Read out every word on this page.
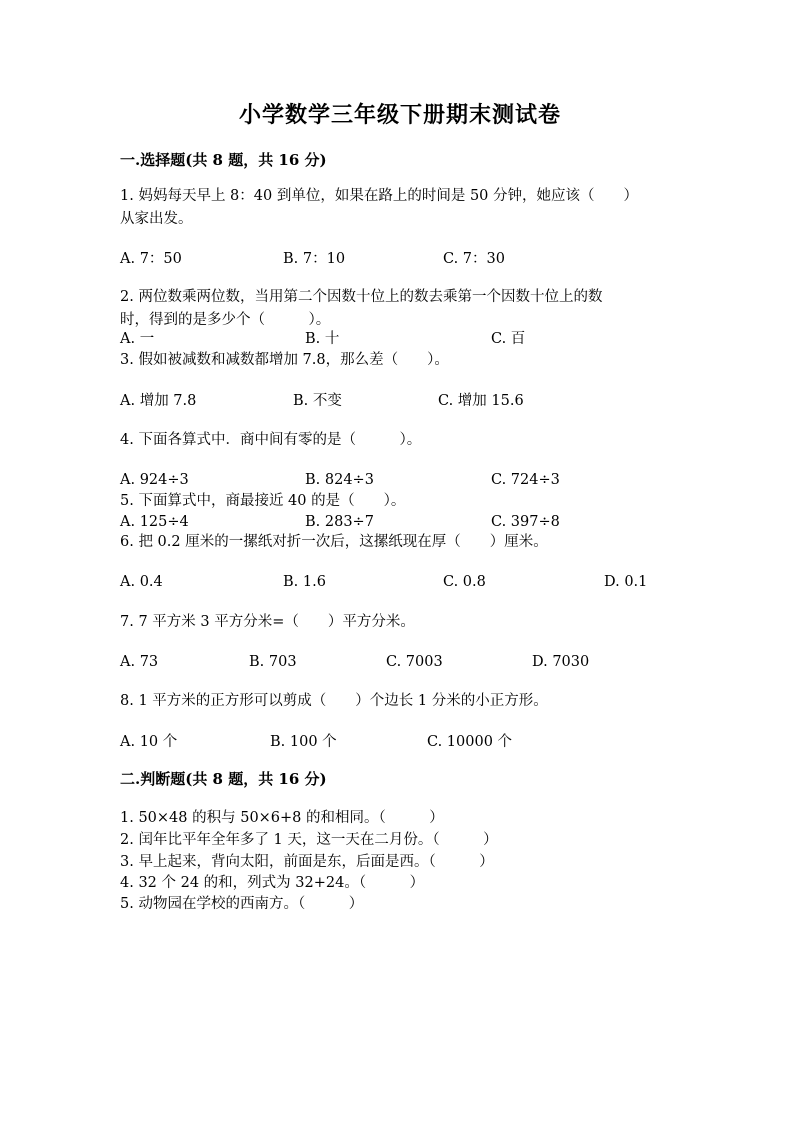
小学数学三年级下册期末测试卷
一.选择题(共 8 题，共 16 分)
1. 妈妈每天早上 8：40 到单位，如果在路上的时间是 50 分钟，她应该（　　）
从家出发。
A. 7：50	B. 7：10	C. 7：30
2. 两位数乘两位数，当用第二个因数十位上的数去乘第一个因数十位上的数
时，得到的是多少个（　　　）。
A. 一	B. 十	C. 百
3. 假如被减数和减数都增加 7.8，那么差（　　）。
A. 增加 7.8	B. 不变	C. 增加 15.6
4. 下面各算式中．商中间有零的是（　　　）。
A. 924÷3	B. 824÷3	C. 724÷3
5. 下面算式中，商最接近 40 的是（　　）。
A. 125÷4	B. 283÷7	C. 397÷8
6. 把 0.2 厘米的一摞纸对折一次后，这摞纸现在厚（　　）厘米。
A. 0.4	B. 1.6	C. 0.8	D. 0.1
7. 7 平方米 3 平方分米=（　　）平方分米。
A. 73	B. 703	C. 7003	D. 7030
8. 1 平方米的正方形可以剪成（　　）个边长 1 分米的小正方形。
A. 10 个	B. 100 个	C. 10000 个
二.判断题(共 8 题，共 16 分)
1. 50×48 的积与 50×6+8 的和相同。（　　　）
2. 闰年比平年全年多了 1 天，这一天在二月份。（　　　）
3. 早上起来，背向太阳，前面是东，后面是西。（　　　）
4. 32 个 24 的和，列式为 32+24。（　　　）
5. 动物园在学校的西南方。（　　　）
